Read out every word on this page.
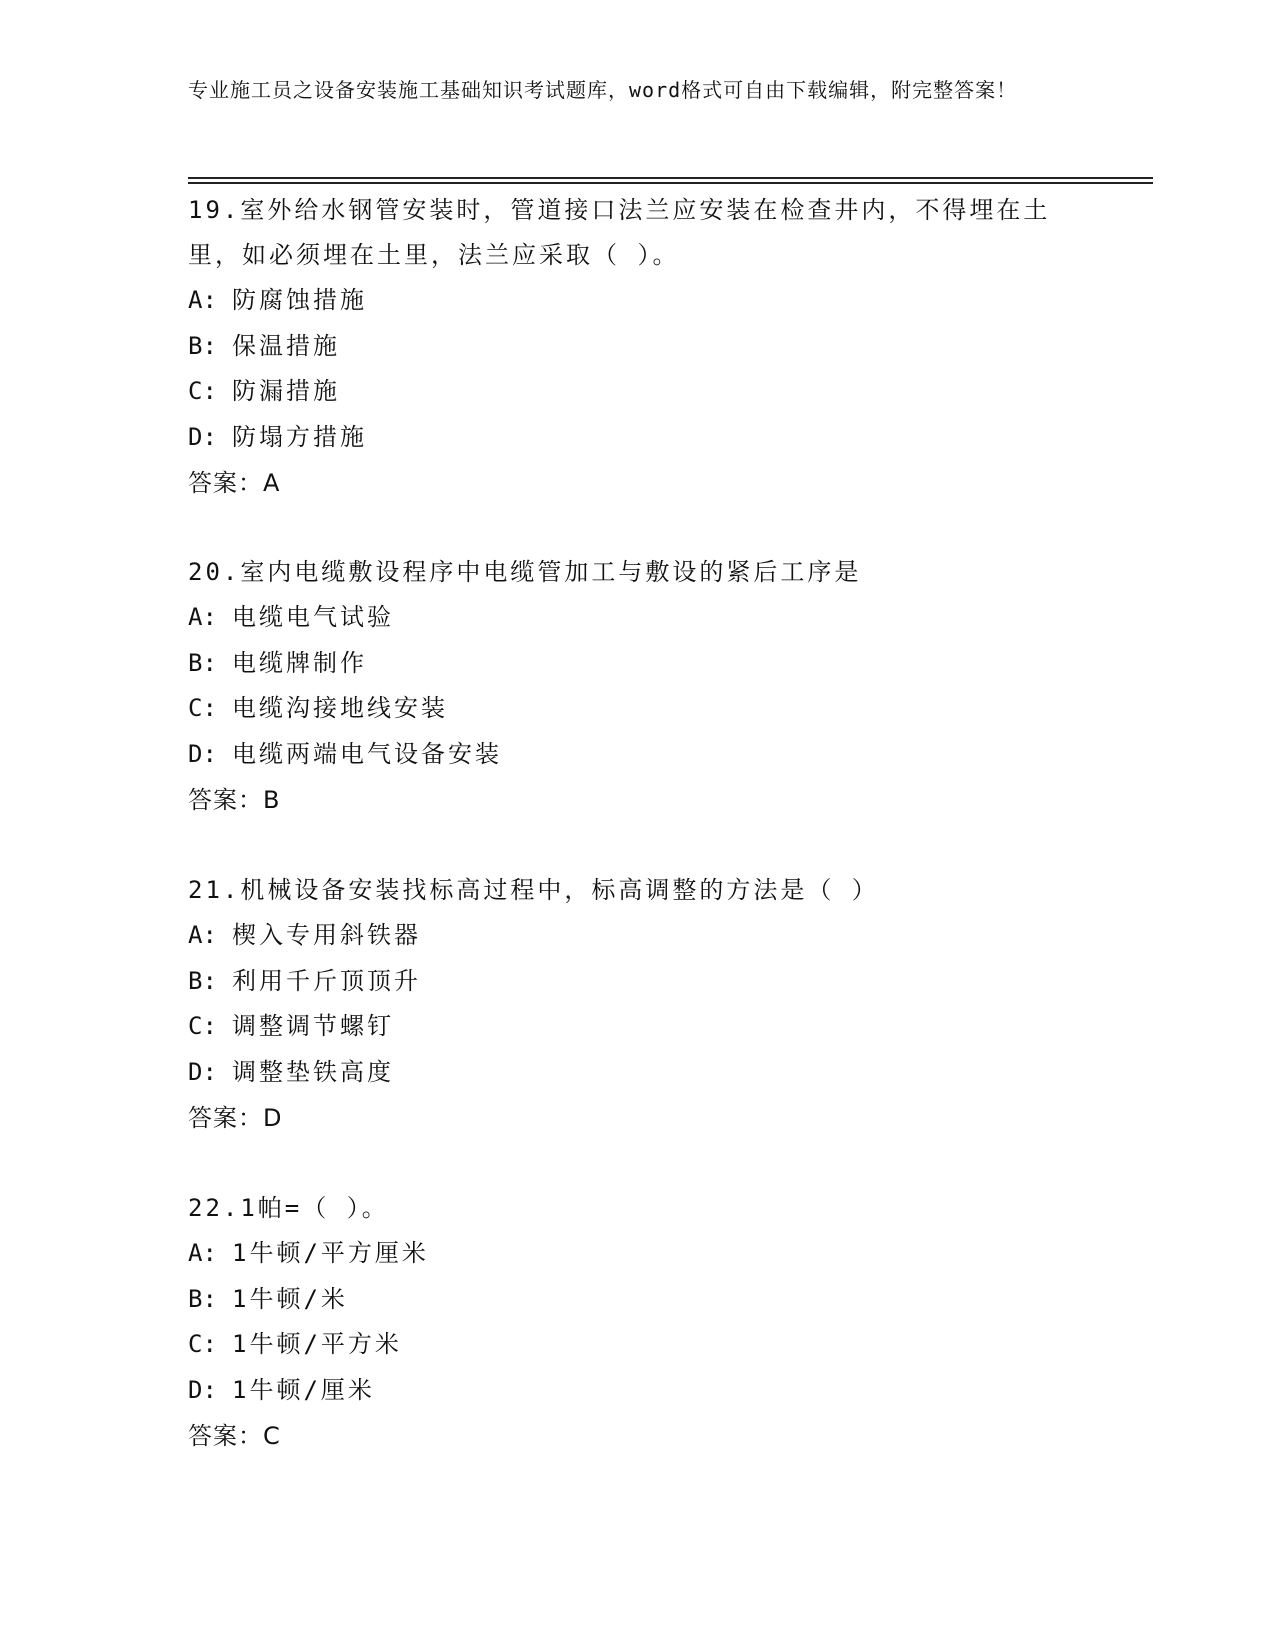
专业施工员之设备安装施工基础知识考试题库，word格式可自由下载编辑，附完整答案！

19.室外给水钢管安装时，管道接口法兰应安装在检查井内，不得埋在土里，如必须埋在土里，法兰应采取（ ）。

A: 防腐蚀措施

B: 保温措施

C: 防漏措施

D: 防塌方措施

答案：A

20.室内电缆敷设程序中电缆管加工与敷设的紧后工序是

A: 电缆电气试验

B: 电缆牌制作

C: 电缆沟接地线安装

D: 电缆两端电气设备安装

答案：B

21.机械设备安装找标高过程中，标高调整的方法是（ ）

A: 楔入专用斜铁器

B: 利用千斤顶顶升

C: 调整调节螺钉

D: 调整垫铁高度

答案：D

22.1帕=（ ）。

A: 1牛顿/平方厘米

B: 1牛顿/米

C: 1牛顿/平方米

D: 1牛顿/厘米

答案：C
